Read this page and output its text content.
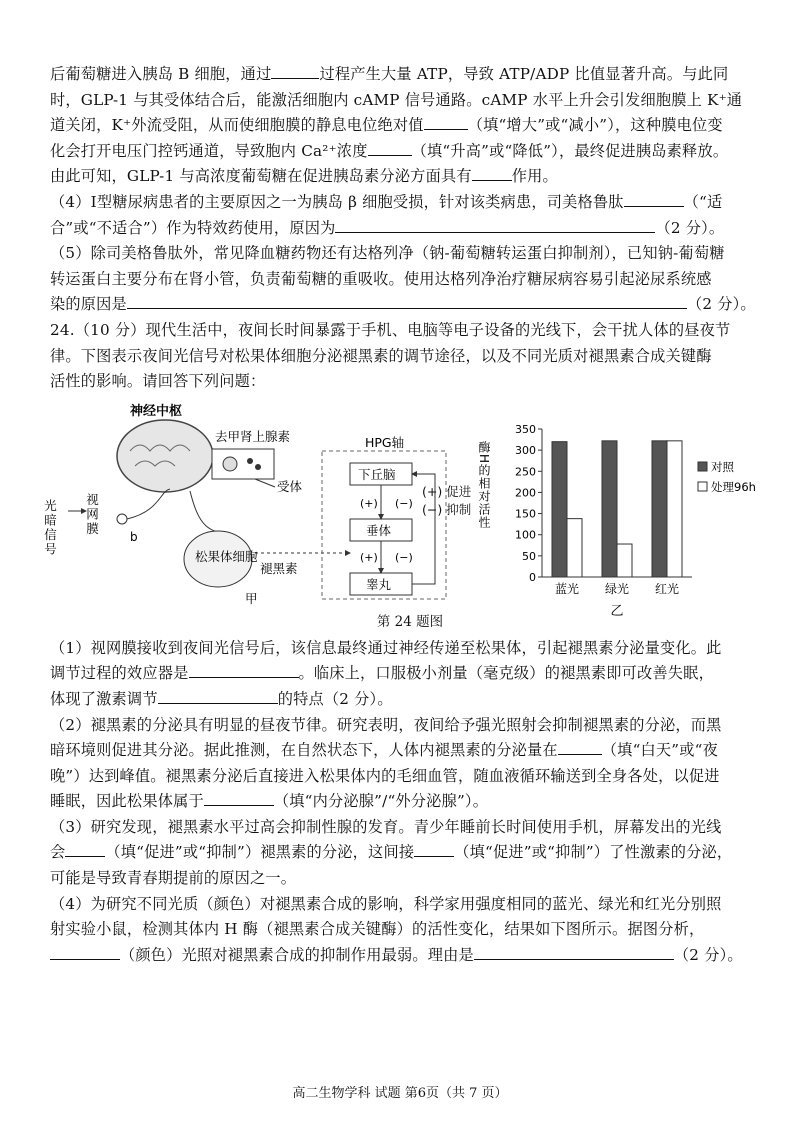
后葡萄糖进入胰岛 B 细胞，通过	过程产生大量 ATP，导致 ATP/ADP 比值显著升高。与此同

时，GLP-1 与其受体结合后，能激活细胞内 cAMP 信号通路。cAMP 水平上升会引发细胞膜上 K⁺通

道关闭，K⁺外流受阻，从而使细胞膜的静息电位绝对值	（填“增大”或“减小”），这种膜电位变

化会打开电压门控钙通道，导致胞内 Ca²⁺浓度	（填“升高”或“降低”），最终促进胰岛素释放。

由此可知，GLP-1 与高浓度葡萄糖在促进胰岛素分泌方面具有	作用。

（4）Ⅰ型糖尿病患者的主要原因之一为胰岛 β 细胞受损，针对该类病患，司美格鲁肽	（“适

合”或“不适合”）作为特效药使用，原因为	（2 分）。

（5）除司美格鲁肽外，常见降血糖药物还有达格列净（钠-葡萄糖转运蛋白抑制剂），已知钠-葡萄糖

转运蛋白主要分布在肾小管，负责葡萄糖的重吸收。使用达格列净治疗糖尿病容易引起泌尿系统感

染的原因是	（2 分）。

24.（10 分）现代生活中，夜间长时间暴露于手机、电脑等电子设备的光线下，会干扰人体的昼夜节

律。下图表示夜间光信号对松果体细胞分泌褪黑素的调节途径，以及不同光质对褪黑素合成关键酶

活性的影响。请回答下列问题：

神经中枢
去甲肾上腺素
受体
光暗信号 视网膜
b
松果体细胞
褪黑素
HPG轴
下丘脑
垂体
睾丸
(+) (−)
(+) (−)
甲
(+) 促进
(−) 抑制
0
50
100
150
200
250
300
350
酶H的相对活性
蓝光 绿光 红光
对照
处理96h
乙
第 24 题图

（1）视网膜接收到夜间光信号后，该信息最终通过神经传递至松果体，引起褪黑素分泌量变化。此

调节过程的效应器是	。临床上，口服极小剂量（毫克级）的褪黑素即可改善失眠，

体现了激素调节	的特点（2 分）。

（2）褪黑素的分泌具有明显的昼夜节律。研究表明，夜间给予强光照射会抑制褪黑素的分泌，而黑

暗环境则促进其分泌。据此推测，在自然状态下，人体内褪黑素的分泌量在	（填“白天”或“夜

晚”）达到峰值。褪黑素分泌后直接进入松果体内的毛细血管，随血液循环输送到全身各处，以促进

睡眠，因此松果体属于	（填“内分泌腺”/“外分泌腺”）。

（3）研究发现，褪黑素水平过高会抑制性腺的发育。青少年睡前长时间使用手机，屏幕发出的光线

会	（填“促进”或“抑制”）褪黑素的分泌，这间接	（填“促进”或“抑制”）了性激素的分泌，

可能是导致青春期提前的原因之一。

（4）为研究不同光质（颜色）对褪黑素合成的影响，科学家用强度相同的蓝光、绿光和红光分别照

射实验小鼠，检测其体内 H 酶（褪黑素合成关键酶）的活性变化，结果如下图所示。据图分析，

（颜色）光照对褪黑素合成的抑制作用最弱。理由是	（2 分）。

高二生物学科 试题 第6页（共 7 页）
